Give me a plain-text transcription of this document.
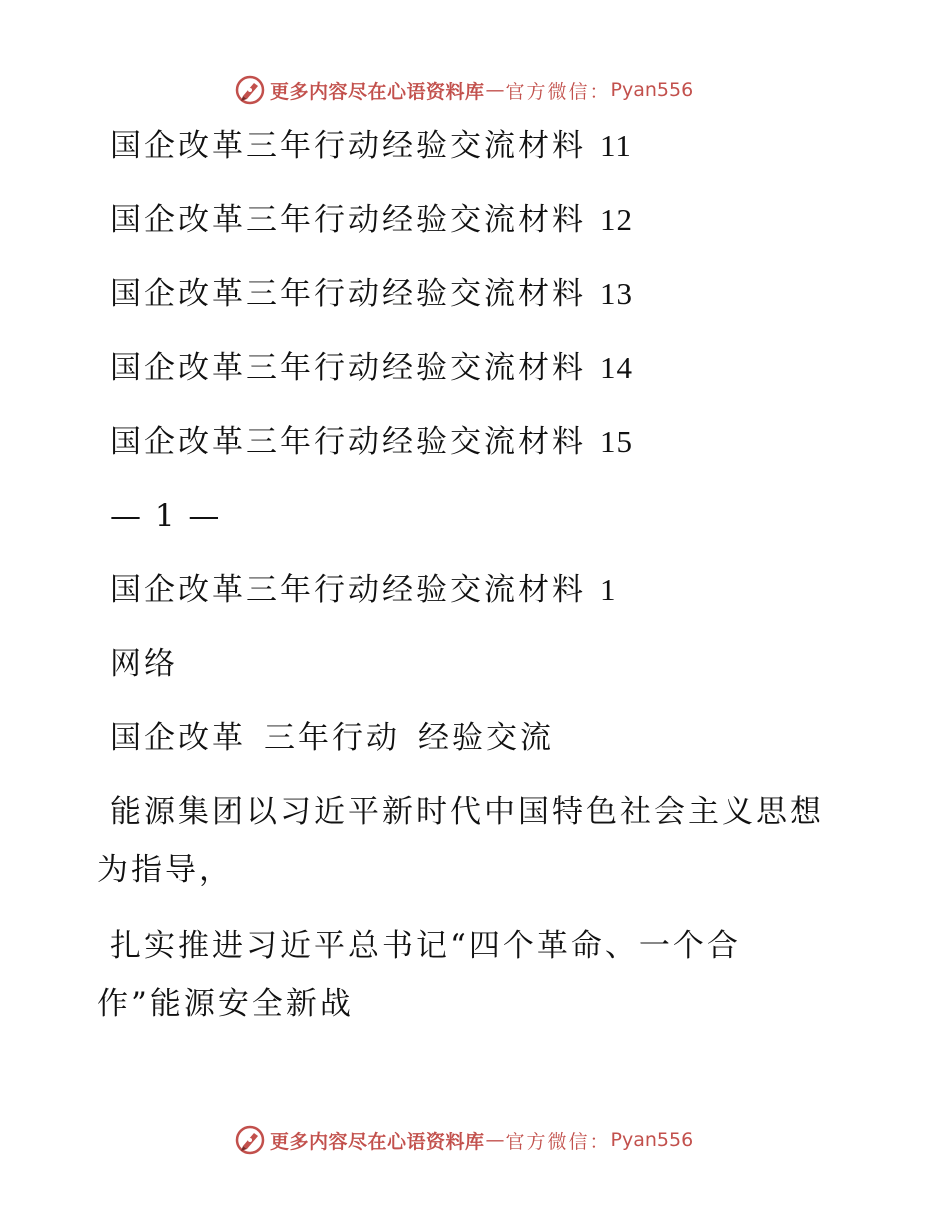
更多内容尽在心语资料库 — 官方微信： Pyan556
国企改革三年行动经验交流材料 11
国企改革三年行动经验交流材料 12
国企改革三年行动经验交流材料 13
国企改革三年行动经验交流材料 14
国企改革三年行动经验交流材料 15
— 1 —
国企改革三年行动经验交流材料 1
网络
国企改革 三年行动 经验交流
能源集团以习近平新时代中国特色社会主义思想
为指导，
扎实推进习近平总书记“四个革命、一个合
作”能源安全新战
更多内容尽在心语资料库 — 官方微信： Pyan556
